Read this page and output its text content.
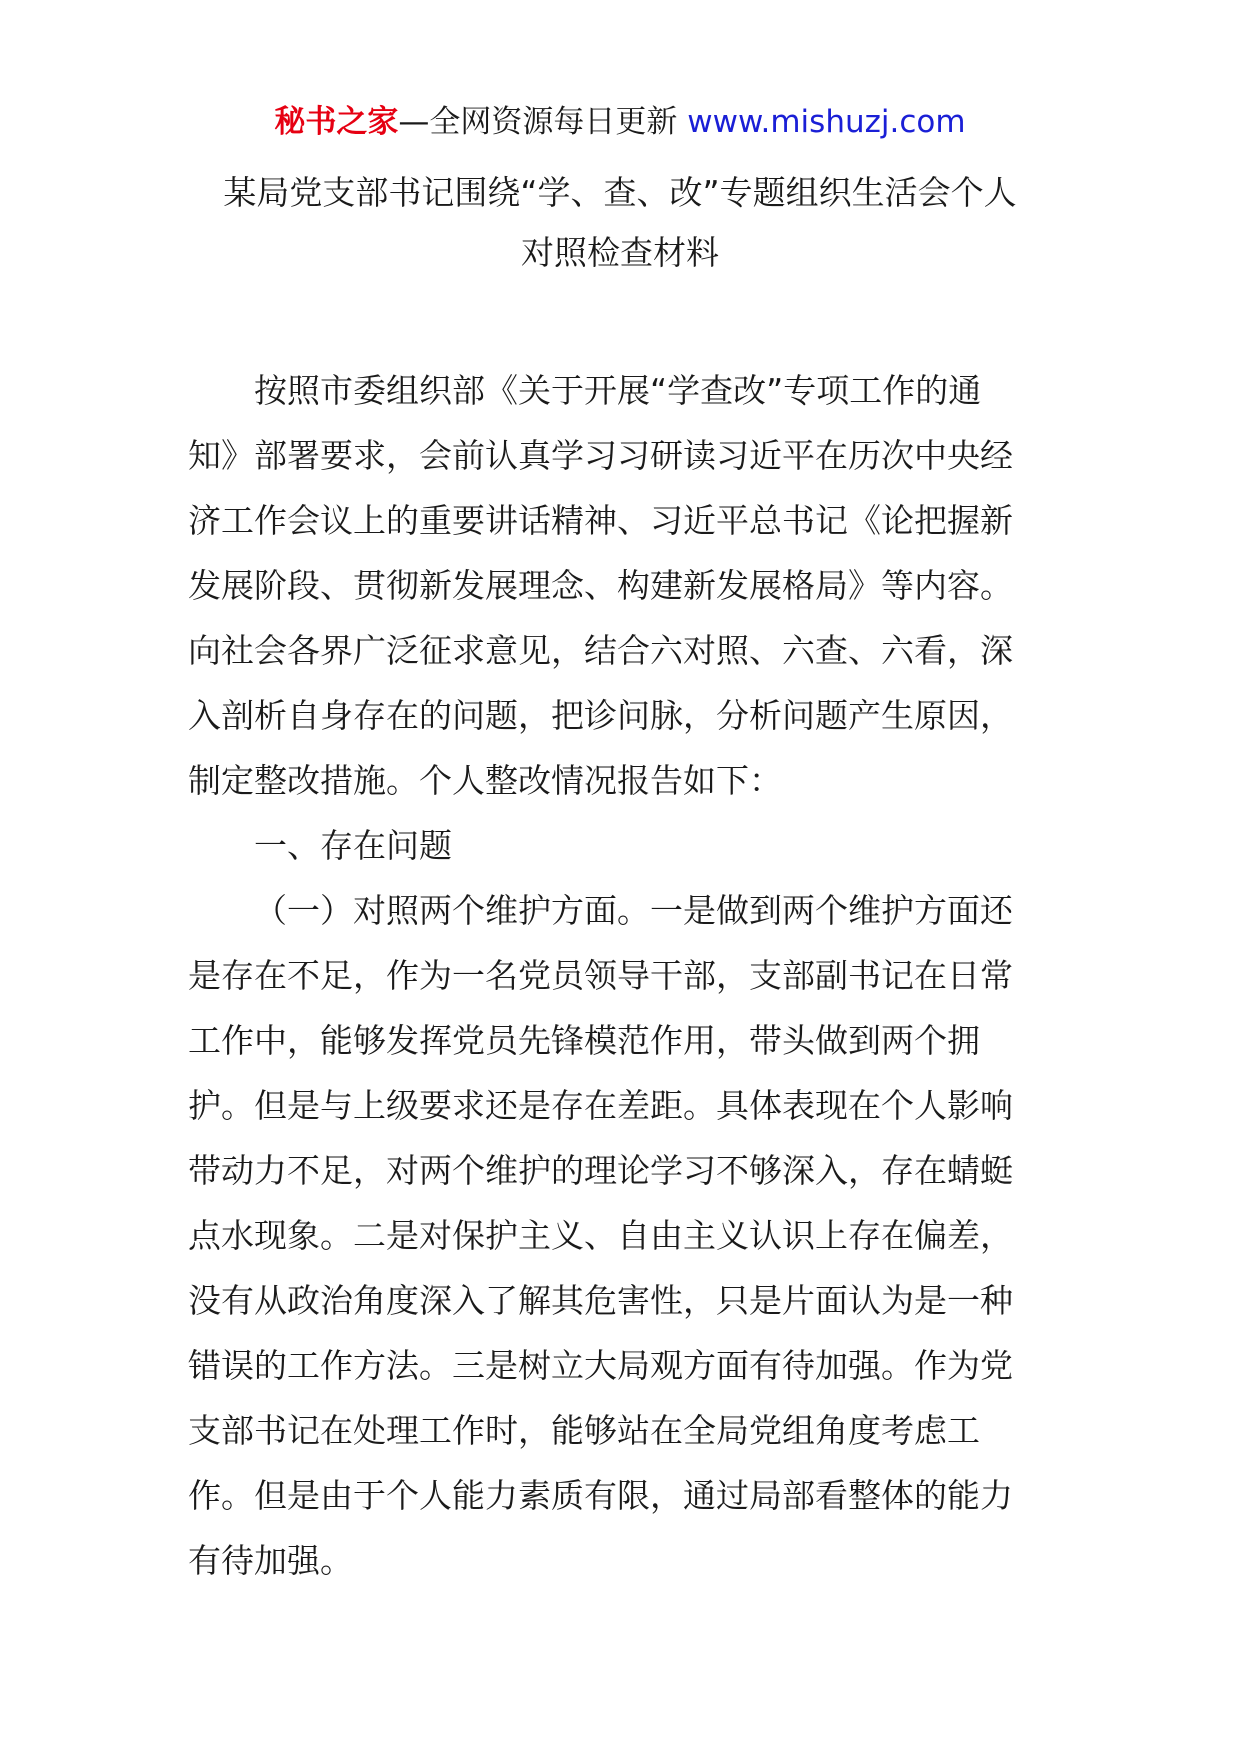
秘书之家—全网资源每日更新 www.mishuzj.com
某局党支部书记围绕“学、查、改”专题组织生活会个人
对照检查材料
按照市委组织部《关于开展“学查改”专项工作的通
知》部署要求，会前认真学习习研读习近平在历次中央经
济工作会议上的重要讲话精神、习近平总书记《论把握新
发展阶段、贯彻新发展理念、构建新发展格局》等内容。
向社会各界广泛征求意见，结合六对照、六查、六看，深
入剖析自身存在的问题，把诊问脉，分析问题产生原因，
制定整改措施。个人整改情况报告如下：
一、存在问题
（一）对照两个维护方面。一是做到两个维护方面还
是存在不足，作为一名党员领导干部，支部副书记在日常
工作中，能够发挥党员先锋模范作用，带头做到两个拥
护。但是与上级要求还是存在差距。具体表现在个人影响
带动力不足，对两个维护的理论学习不够深入，存在蜻蜓
点水现象。二是对保护主义、自由主义认识上存在偏差，
没有从政治角度深入了解其危害性，只是片面认为是一种
错误的工作方法。三是树立大局观方面有待加强。作为党
支部书记在处理工作时，能够站在全局党组角度考虑工
作。但是由于个人能力素质有限，通过局部看整体的能力
有待加强。
